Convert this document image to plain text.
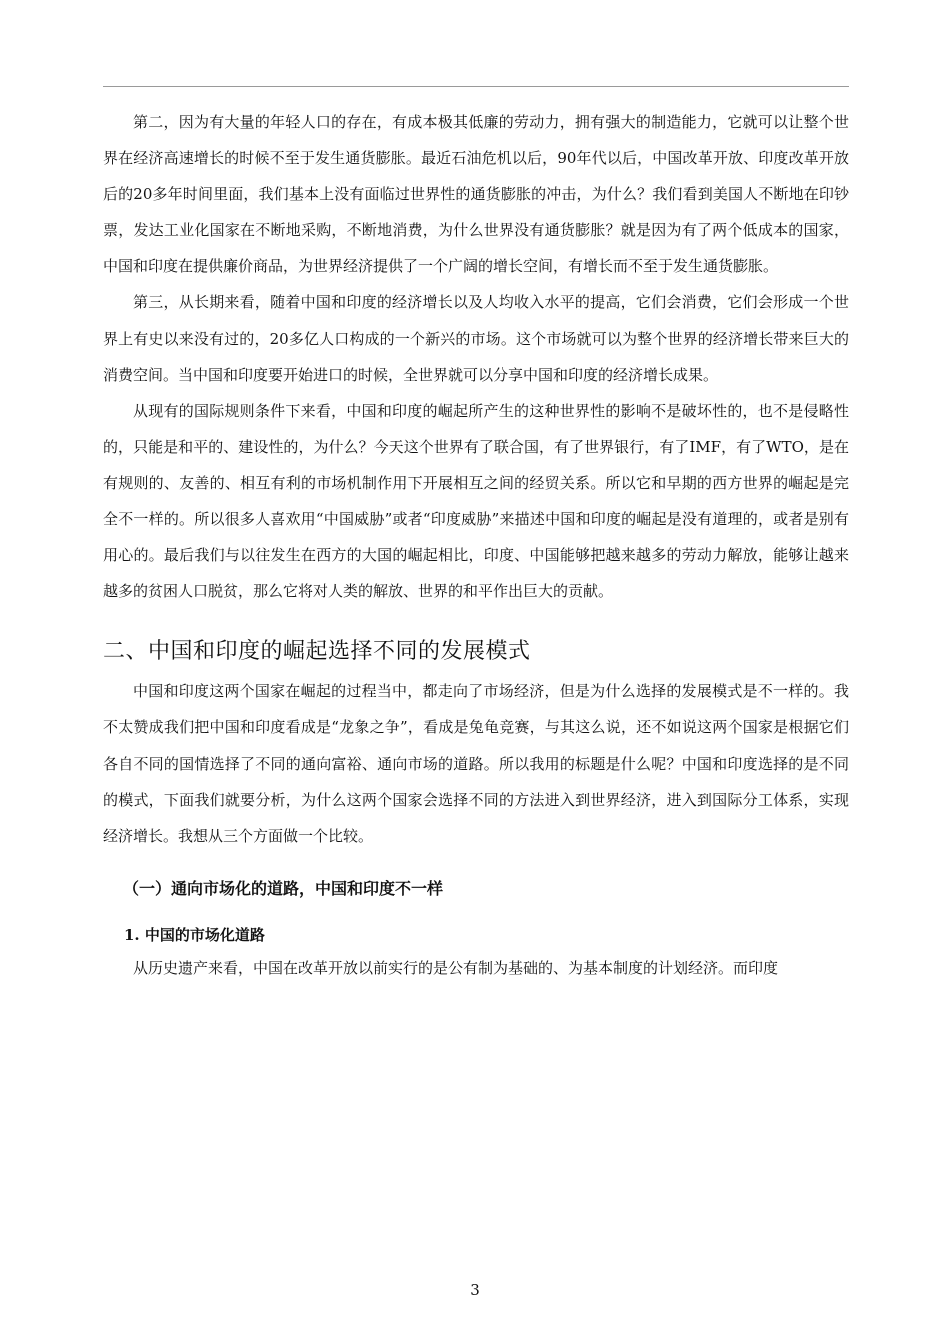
第二，因为有大量的年轻人口的存在，有成本极其低廉的劳动力，拥有强大的制造能力，它就可以让整个世界在经济高速增长的时候不至于发生通货膨胀。最近石油危机以后，90年代以后，中国改革开放、印度改革开放后的20多年时间里面，我们基本上没有面临过世界性的通货膨胀的冲击，为什么？我们看到美国人不断地在印钞票，发达工业化国家在不断地采购，不断地消费，为什么世界没有通货膨胀？就是因为有了两个低成本的国家，中国和印度在提供廉价商品，为世界经济提供了一个广阔的增长空间，有增长而不至于发生通货膨胀。

第三，从长期来看，随着中国和印度的经济增长以及人均收入水平的提高，它们会消费，它们会形成一个世界上有史以来没有过的，20多亿人口构成的一个新兴的市场。这个市场就可以为整个世界的经济增长带来巨大的消费空间。当中国和印度要开始进口的时候，全世界就可以分享中国和印度的经济增长成果。

从现有的国际规则条件下来看，中国和印度的崛起所产生的这种世界性的影响不是破坏性的，也不是侵略性的，只能是和平的、建设性的，为什么？今天这个世界有了联合国，有了世界银行，有了IMF，有了WTO，是在有规则的、友善的、相互有利的市场机制作用下开展相互之间的经贸关系。所以它和早期的西方世界的崛起是完全不一样的。所以很多人喜欢用“中国威胁”或者“印度威胁”来描述中国和印度的崛起是没有道理的，或者是别有用心的。最后我们与以往发生在西方的大国的崛起相比，印度、中国能够把越来越多的劳动力解放，能够让越来越多的贫困人口脱贫，那么它将对人类的解放、世界的和平作出巨大的贡献。

二、中国和印度的崛起选择不同的发展模式

中国和印度这两个国家在崛起的过程当中，都走向了市场经济，但是为什么选择的发展模式是不一样的。我不太赞成我们把中国和印度看成是“龙象之争”，看成是兔龟竞赛，与其这么说，还不如说这两个国家是根据它们各自不同的国情选择了不同的通向富裕、通向市场的道路。所以我用的标题是什么呢？中国和印度选择的是不同的模式，下面我们就要分析，为什么这两个国家会选择不同的方法进入到世界经济，进入到国际分工体系，实现经济增长。我想从三个方面做一个比较。

（一）通向市场化的道路，中国和印度不一样
1. 中国的市场化道路

从历史遗产来看，中国在改革开放以前实行的是公有制为基础的、为基本制度的计划经济。而印度

3
